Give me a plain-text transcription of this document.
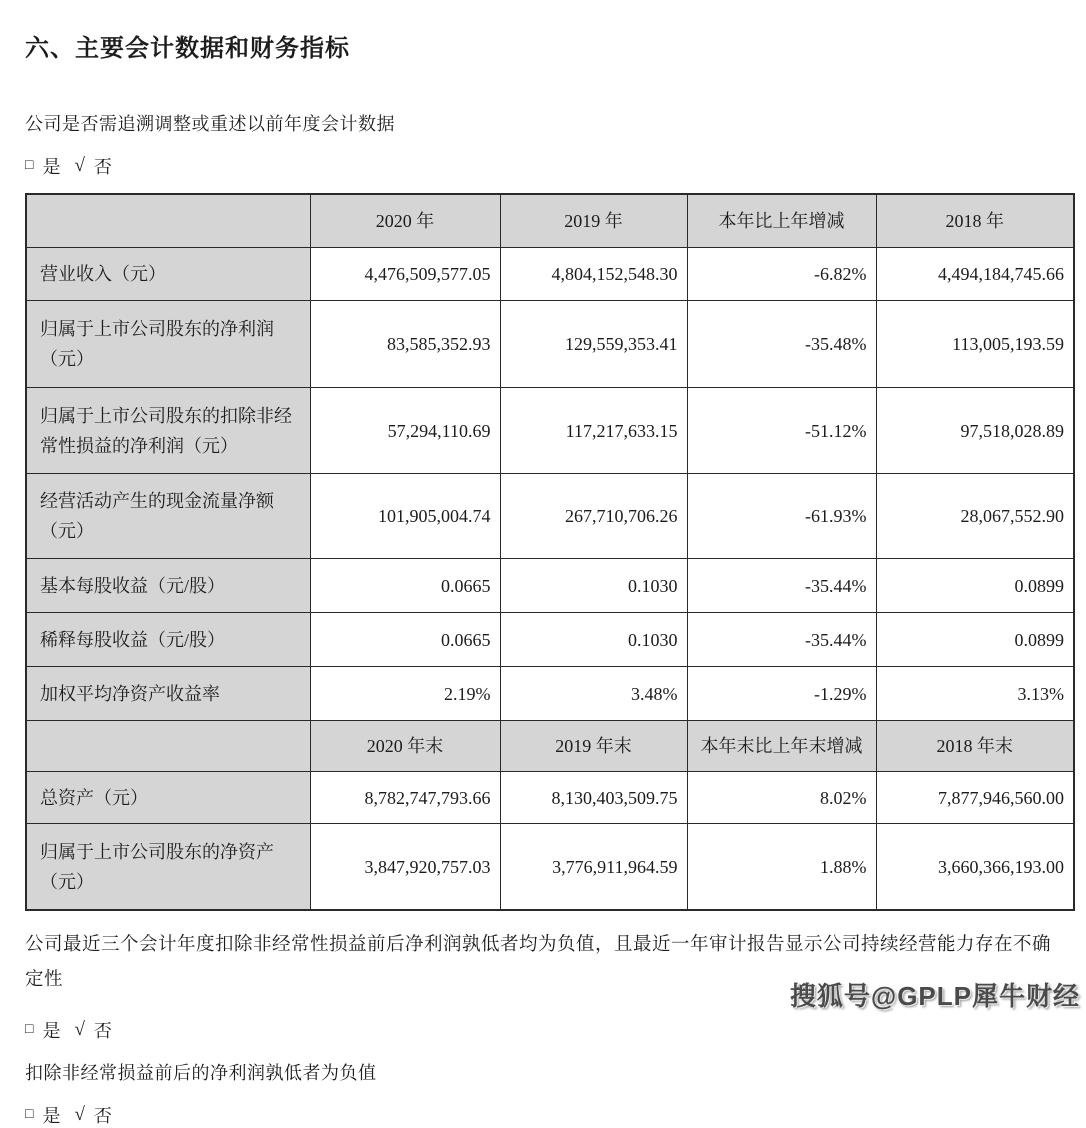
六、主要会计数据和财务指标

公司是否需追溯调整或重述以前年度会计数据

□ 是 √ 否
	2020 年	2019 年	本年比上年增减	2018 年
营业收入（元）	4,476,509,577.05	4,804,152,548.30	-6.82%	4,494,184,745.66
归属于上市公司股东的净利润（元）	83,585,352.93	129,559,353.41	-35.48%	113,005,193.59
归属于上市公司股东的扣除非经常性损益的净利润（元）	57,294,110.69	117,217,633.15	-51.12%	97,518,028.89
经营活动产生的现金流量净额（元）	101,905,004.74	267,710,706.26	-61.93%	28,067,552.90
基本每股收益（元/股）	0.0665	0.1030	-35.44%	0.0899
稀释每股收益（元/股）	0.0665	0.1030	-35.44%	0.0899
加权平均净资产收益率	2.19%	3.48%	-1.29%	3.13%
	2020 年末	2019 年末	本年末比上年末增减	2018 年末
总资产（元）	8,782,747,793.66	8,130,403,509.75	8.02%	7,877,946,560.00
归属于上市公司股东的净资产（元）	3,847,920,757.03	3,776,911,964.59	1.88%	3,660,366,193.00

公司最近三个会计年度扣除非经常性损益前后净利润孰低者均为负值，且最近一年审计报告显示公司持续经营能力存在不确
定性

□ 是 √ 否

扣除非经常损益前后的净利润孰低者为负值

□ 是 √ 否
搜狐号@GPLP犀牛财经
